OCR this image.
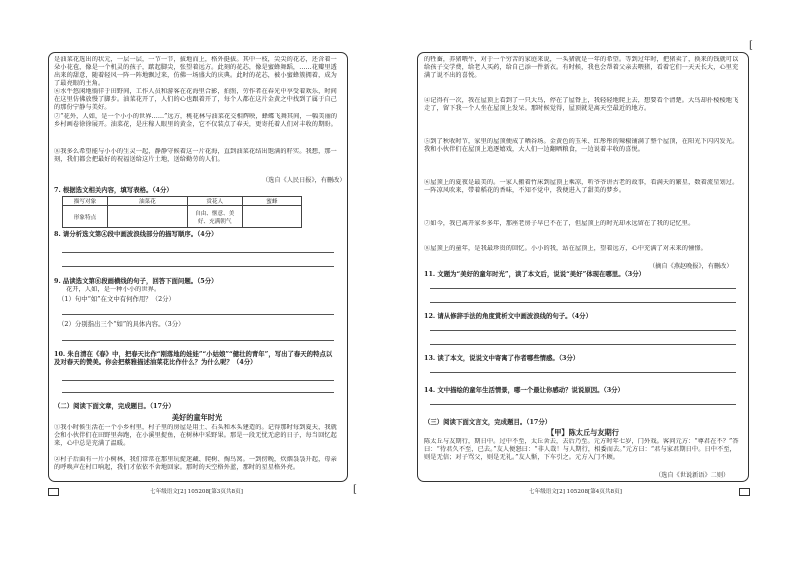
是油菜花选出的状元，一层一层，一节一节，拔地而上，格外挺拔。其中一枝，尖尖的花芯，还含着一朵小花苞，像是一个机灵的孩子，踮起脚尖，张望着远方。此刻的花芯，像是蜜蜂舞蹈，……花瓣里透出来的甜意，随着轻风一阵一阵地飘过来，仿佛一场盛大的庆典。此时的花芯，被小蜜蜂簇拥着，成为了最亮眼的主角。
⑥水牛悠闲地徜徉于田野间，工作人员和游客在花海里合影，拍照，劳作者在春光中享受着欢乐，时间在这里仿佛放慢了脚步。油菜花开了，人们的心也跟着开了，每个人都在这片金黄之中找到了属于自己的那份宁静与美好。
⑦“花外，人如，是一个小小的世界……”远方，桃花林与油菜花交相辉映，蜂蝶飞舞其间，一幅美丽的乡村画卷徐徐展开。油菜花，是庄稼人眼里的黄金，它不仅装点了春天，更寄托着人们对丰收的期盼。
⑧我多么希望能与小小的生灵一起，静静守候着这一片花海，直到油菜花结出饱满的籽实。我想，那一刻，我们都会把最好的祝福送给这片土地，送给勤劳的人们。
（选自《人民日报》，有删改）
7. 根据选文相关内容，填写表格。（4分）
描写对象	油菜花	赏花人	蜜蜂
形象特点		自由、惬意、美好、充满朝气	
8. 请分析选文第④段中画波浪线部分的描写顺序。（4分）
9. 品读选文第⑥段画横线的句子，回答下面问题。（5分）
花开，人如，是一种小小的世界。
（1）句中“如”在文中有何作用？（2分）
（2）分别指出三个“如”的具体内容。（3分）
10. 朱自清在《春》中，把春天比作“刚落地的娃娃”“小姑娘”“健壮的青年”，写出了春天的特点以及对春天的赞美。你会把蔡雅描述油菜花比作什么？为什么呢？（4分）
（二）阅读下面文章，完成题目。（17分）
美好的童年时光
①我小时候生活在一个小乡村里，村子里的房屋是用土、石头和木头建造的。记得那时每到夏天，我就会和小伙伴们在田野里奔跑，在小溪里捉鱼，在树林中采野果。那是一段无忧无虑的日子，每当回忆起来，心中总是充满了温暖。
②村子后面有一片小树林，我们常常在那里玩捉迷藏、爬树、掏鸟窝。一到傍晚，炊烟袅袅升起，母亲的呼唤声在村口响起，我们才依依不舍地回家。那时的天空格外蓝，那时的星星格外亮。
七年级语文[2] 105208[第3页共8页]	[
[
的牲畜，养猪喂牛，对于一个穷苦的家庭来说，一头猪就是一年的希望。等到过年时，把猪卖了，换来的钱就可以给孩子交学费，给老人买药，给自己添一件新衣。有时候，我也会帮着父亲去喂猪，看着它们一天天长大，心里充满了说不出的喜悦。
④记得有一次，我在屋顶上看到了一只大鸟，停在了屋脊上，我轻轻地爬上去，想要看个清楚。大鸟却扑棱棱地飞走了，留下我一个人坐在屋顶上发呆。那时候觉得，屋顶就是离天空最近的地方。
⑤到了秋收时节，家里的屋顶便成了晒谷场。金黄色的玉米、红彤彤的辣椒铺满了整个屋顶，在阳光下闪闪发光。我和小伙伴们在屋顶上追逐嬉戏，大人们一边翻晒粮食，一边说着丰收的喜悦。
⑥屋顶上的夏夜是最美的。一家人搬着竹床到屋顶上乘凉，听爷爷讲古老的故事，看满天的繁星，数着流星划过。一阵凉风吹来，带着稻花的香味，不知不觉中，我便进入了甜美的梦乡。
⑦如今，我已离开家乡多年，那座老房子早已不在了，但屋顶上的时光却永远留在了我的记忆里。
⑧屋顶上的童年，是我最珍贵的回忆。小小的我，站在屋顶上，望着远方，心中充满了对未来的憧憬。
（摘自《燕赵晚报》，有删改）
11. 文题为“美好的童年时光”，读了本文后，说说“美好”体现在哪里。（3分）
12. 请从修辞手法的角度赏析文中画波浪线的句子。（4分）
13. 读了本文，说说文中寄寓了作者哪些情感。（3分）
14. 文中描绘的童年生活情景，哪一个最让你感动？说说原因。（3分）
（三）阅读下面文言文，完成题目。（17分）
【甲】陈太丘与友期行
陈太丘与友期行，期日中。过中不至，太丘舍去，去后乃至。元方时年七岁，门外戏。客问元方：“尊君在不？”答曰：“待君久不至，已去。”友人便怒曰：“非人哉！与人期行，相委而去。”元方曰：“君与家君期日中。日中不至，则是无信；对子骂父，则是无礼。”友人惭，下车引之。元方入门不顾。
（选自《世说新语》二则）
七年级语文[2] 105208[第4页共8页]
